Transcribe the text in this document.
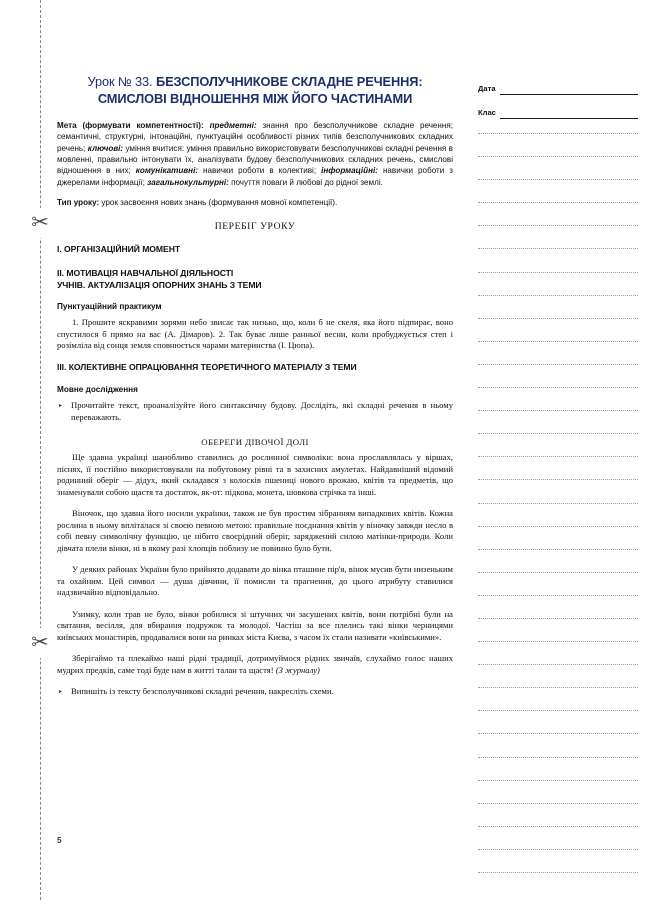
✂
✂
Урок № 33. БЕЗСПОЛУЧНИКОВЕ СКЛАДНЕ РЕЧЕННЯ:
СМИСЛОВІ ВІДНОШЕННЯ МІЖ ЙОГО ЧАСТИНАМИ

Мета (формувати компетентності): предметні: знання про безсполучникове складне речення; семантичні, структурні, інтонаційні, пунктуаційні особливості різних типів безсполучникових складних речень; ключові: уміння вчитися: уміння правильно використовувати безсполучникові складні речення в мовленні, правильно інтонувати їх, аналізувати будову безсполучникових складних речень, смислові відношення в них; комунікативні: навички роботи в колективі; інформаційні: навички роботи з джерелами інформації; загальнокультурні: почуття поваги й любові до рідної землі.

Тип уроку: урок засвоєння нових знань (формування мовної компетенції).

ПЕРЕБІГ УРОКУ
I. ОРГАНІЗАЦІЙНИЙ МОМЕНТ
II. МОТИВАЦІЯ НАВЧАЛЬНОЇ ДІЯЛЬНОСТІ
УЧНІВ. АКТУАЛІЗАЦІЯ ОПОРНИХ ЗНАНЬ З ТЕМИ
Пунктуаційний практикум

1. Прошите яскравими зорями небо звисає так низько, що, коли б не скеля, яка його підпирає, воно спустилося б прямо на вас (А. Дімаров). 2. Так буває лише ранньої весни, коли пробуджується степ і розімліла від сонця земля сповнюється чарами материнства (І. Цюпа).

III. КОЛЕКТИВНЕ ОПРАЦЮВАННЯ ТЕОРЕТИЧНОГО МАТЕРІАЛУ З ТЕМИ
Мовне дослідження
▸ Прочитайте текст, проаналізуйте його синтаксичну будову. Дослідіть, які складні речення в ньому переважають.
ОБЕРЕГИ ДІВОЧОЇ ДОЛІ

Ще здавна українці шанобливо ставились до рослинної символіки: вона прославлялась у віршах, піснях, її постійно використовували на побутовому рівні та в захисних амулетах. Найдавніший відомий родинний оберіг — дідух, який складався з колосків пшениці нового врожаю, квітів та предметів, що знаменували собою щастя та достаток, як-от: підкова, монета, шовкова стрічка та інші.

Віночок, що здавна його носили українки, також не був простим зібранням випадкових квітів. Кожна рослина в ньому впліталася зі своєю певною метою: правильне поєднання квітів у віночку завжди несло в собі певну символічну функцію, це нібито своєрідний оберіг, заряджений силою матінки-природи. Коли дівчата плели вінки, ні в якому разі хлопців поблизу не повинно було бути.

У деяких районах України було прийнято додавати до вінка пташине пір'я, вінок мусив бути низеньким та охайним. Цей символ — душа дівчини, її помисли та прагнення, до цього атрибуту ставилися надзвичайно відповідально.

Узимку, коли трав не було, вінки робилися зі штучних чи засушених квітів, вони потрібні були на сватання, весілля, для вбирання подружок та молодої. Частіш за все плелись такі вінки черницями київських монастирів, продавалися вони на ринках міста Києва, з часом їх стали називати «київськими».

Зберігаймо та плекаймо наші рідні традиції, дотримуймося рідних звичаїв, слухаймо голос наших мудрих предків, саме тоді буде нам в житті талан та щастя! (З журналу)

▸ Випишіть із тексту безсполучникові складні речення, накресліть схеми.
5
Дата
Клас
